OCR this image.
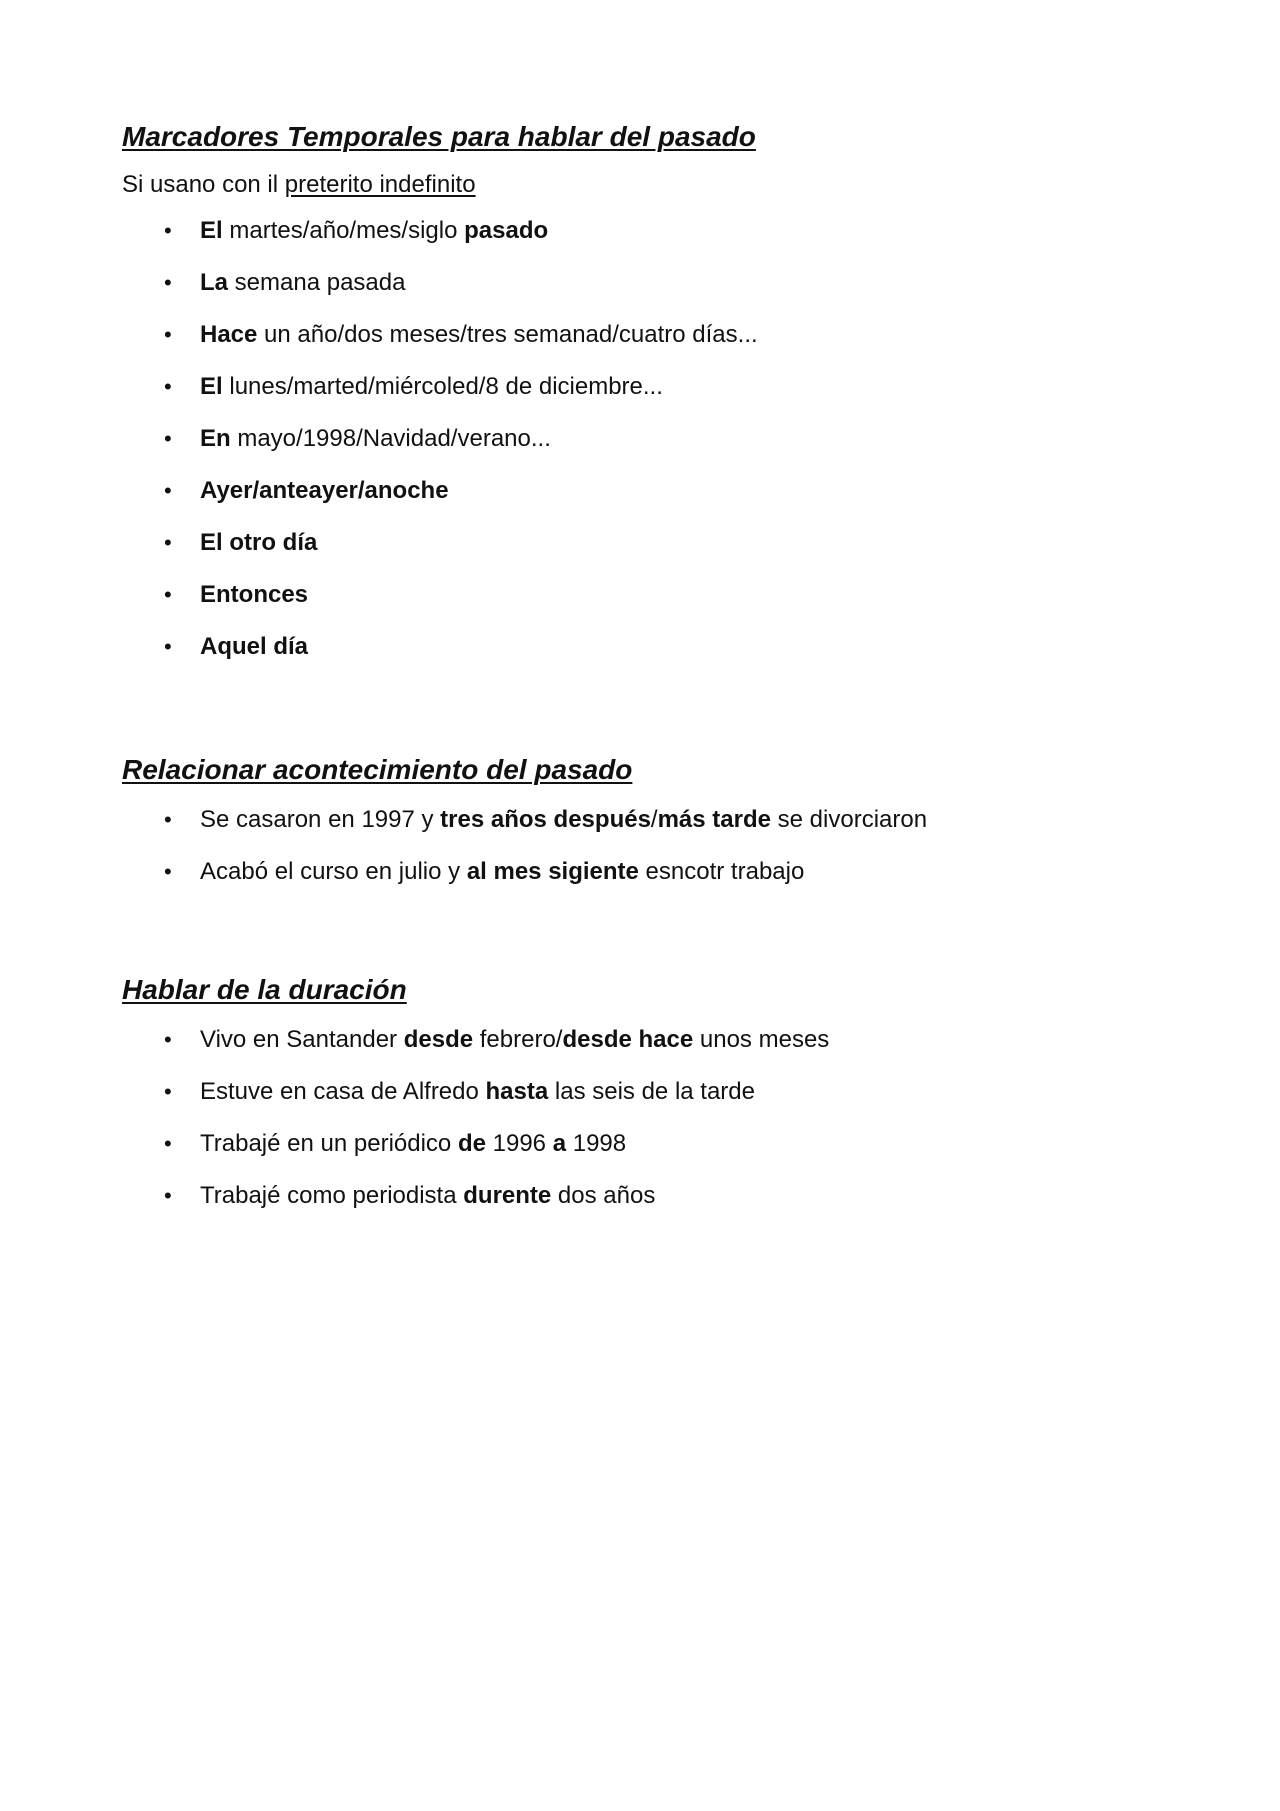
Marcadores Temporales para hablar del pasado
Si usano con il preterito indefinito
• El martes/año/mes/siglo pasado
• La semana pasada
• Hace un año/dos meses/tres semanad/cuatro días...
• El lunes/marted/miércoled/8 de diciembre...
• En mayo/1998/Navidad/verano...
• Ayer/anteayer/anoche
• El otro día
• Entonces
• Aquel día
Relacionar acontecimiento del pasado
• Se casaron en 1997 y tres años después/más tarde se divorciaron
• Acabó el curso en julio y al mes sigiente esncotr trabajo
Hablar de la duración
• Vivo en Santander desde febrero/desde hace unos meses
• Estuve en casa de Alfredo hasta las seis de la tarde
• Trabajé en un periódico de 1996 a 1998
• Trabajé como periodista durente dos años
